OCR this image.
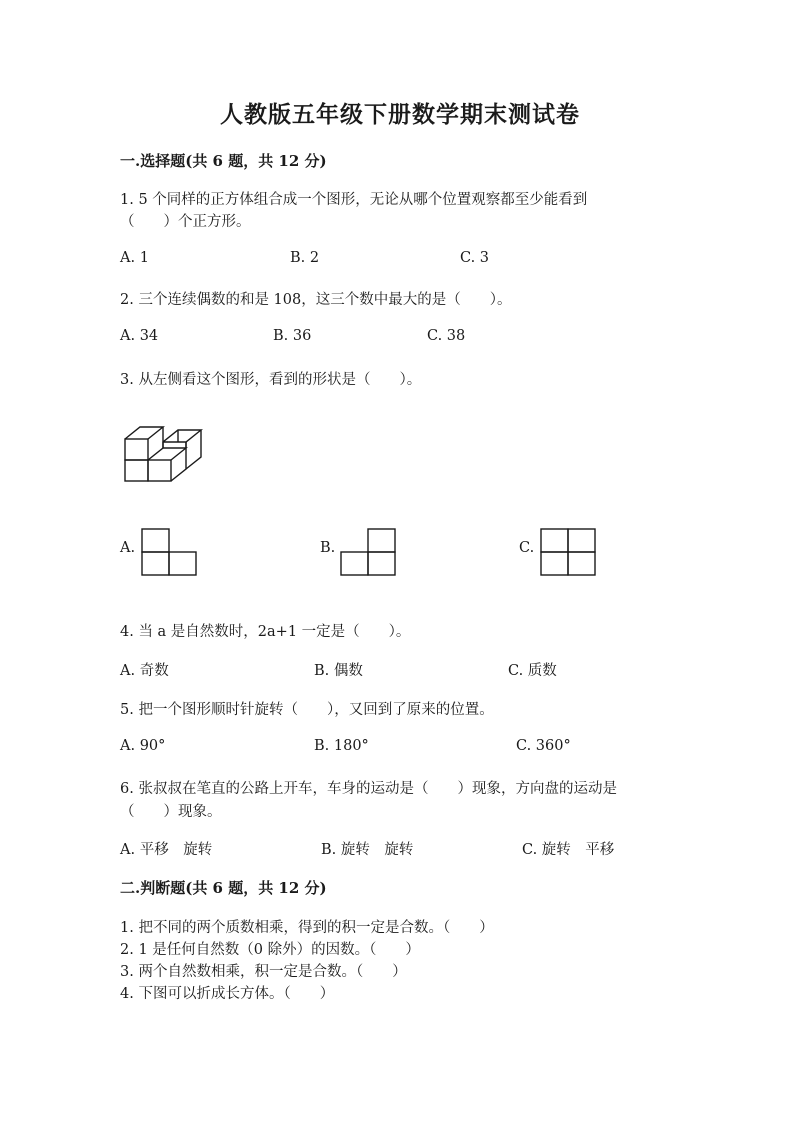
人教版五年级下册数学期末测试卷
一.选择题(共 6 题，共 12 分)
1. 5 个同样的正方体组合成一个图形，无论从哪个位置观察都至少能看到
（　　）个正方形。
A. 1	B. 2	C. 3
2. 三个连续偶数的和是 108，这三个数中最大的是（　　）。
A. 34	B. 36	C. 38
3. 从左侧看这个图形，看到的形状是（　　）。
A.	B.	C.
4. 当 a 是自然数时，2a+1 一定是（　　）。
A. 奇数	B. 偶数	C. 质数
5. 把一个图形顺时针旋转（　　），又回到了原来的位置。
A. 90°	B. 180°	C. 360°
6. 张叔叔在笔直的公路上开车，车身的运动是（　　）现象，方向盘的运动是
（　　）现象。
A. 平移　旋转	B. 旋转　旋转	C. 旋转　平移
二.判断题(共 6 题，共 12 分)
1. 把不同的两个质数相乘，得到的积一定是合数。（　　）
2. 1 是任何自然数（0 除外）的因数。（　　）
3. 两个自然数相乘，积一定是合数。（　　）
4. 下图可以折成长方体。（　　）
